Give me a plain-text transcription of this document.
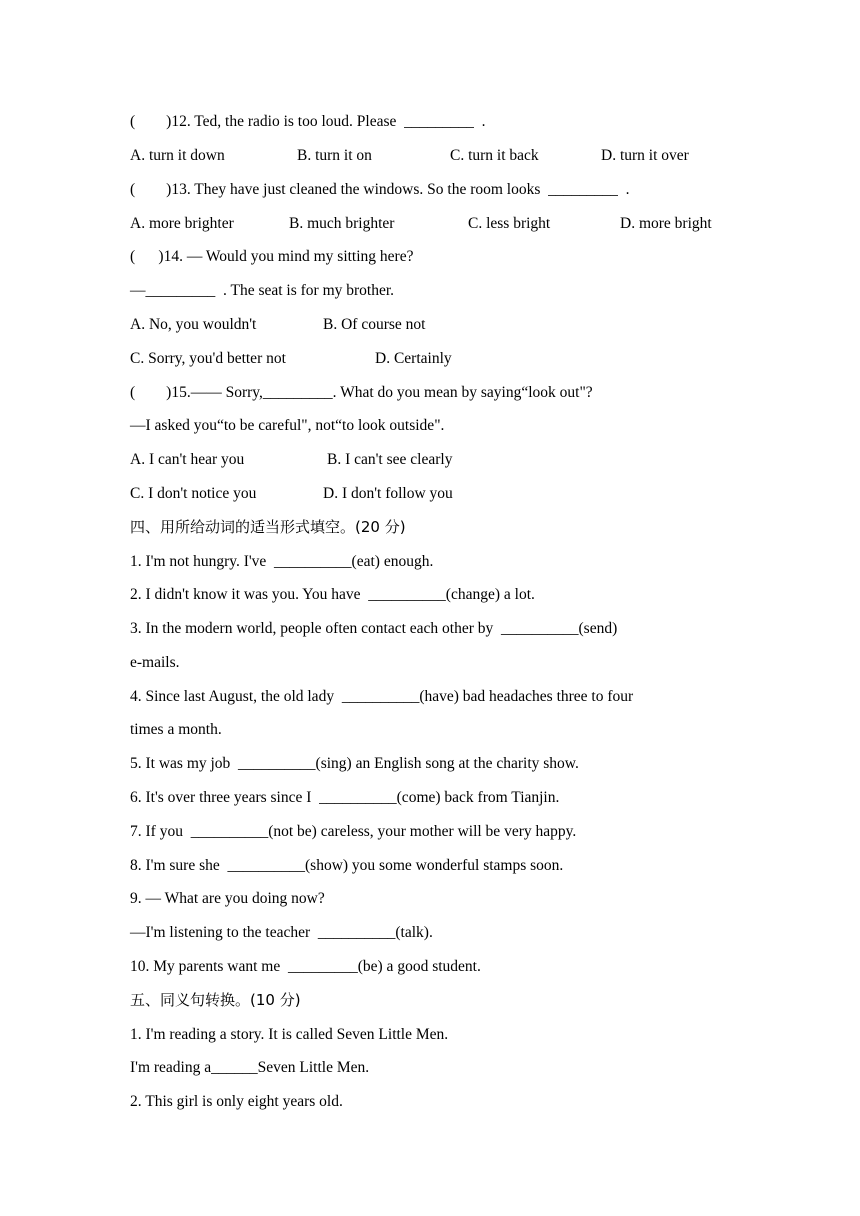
(        )12. Ted, the radio is too loud. Please  _________  .

A. turn it down

	B. turn it on

	C. turn it back

	D. turn it over

(        )13. They have just cleaned the windows. So the room looks  _________  .

A. more brighter

	B. much brighter

	C. less bright

	D. more bright

(      )14. — Would you mind my sitting here?

—_________  . The seat is for my brother.

A. No, you wouldn't

	B. Of course not

C. Sorry, you'd better not

	D. Certainly

(        )15.—— Sorry,_________. What do you mean by saying“look out"?

—I asked you“to be careful", not“to look outside".

A. I can't hear you

	B. I can't see clearly

C. I don't notice you

	D. I don't follow you

四、用所给动词的适当形式填空。(20 分)

1. I'm not hungry. I've  __________(eat) enough.

2. I didn't know it was you. You have  __________(change) a lot.

3. In the modern world, people often contact each other by  __________(send)

e-mails.

4. Since last August, the old lady  __________(have) bad headaches three to four

times a month.

5. It was my job  __________(sing) an English song at the charity show.

6. It's over three years since I  __________(come) back from Tianjin.

7. If you  __________(not be) careless, your mother will be very happy.

8. I'm sure she  __________(show) you some wonderful stamps soon.

9. — What are you doing now?

—I'm listening to the teacher  __________(talk).

10. My parents want me  _________(be) a good student.

五、同义句转换。(10 分)

1. I'm reading a story. It is called Seven Little Men.

I'm reading a______Seven Little Men.

2. This girl is only eight years old.
